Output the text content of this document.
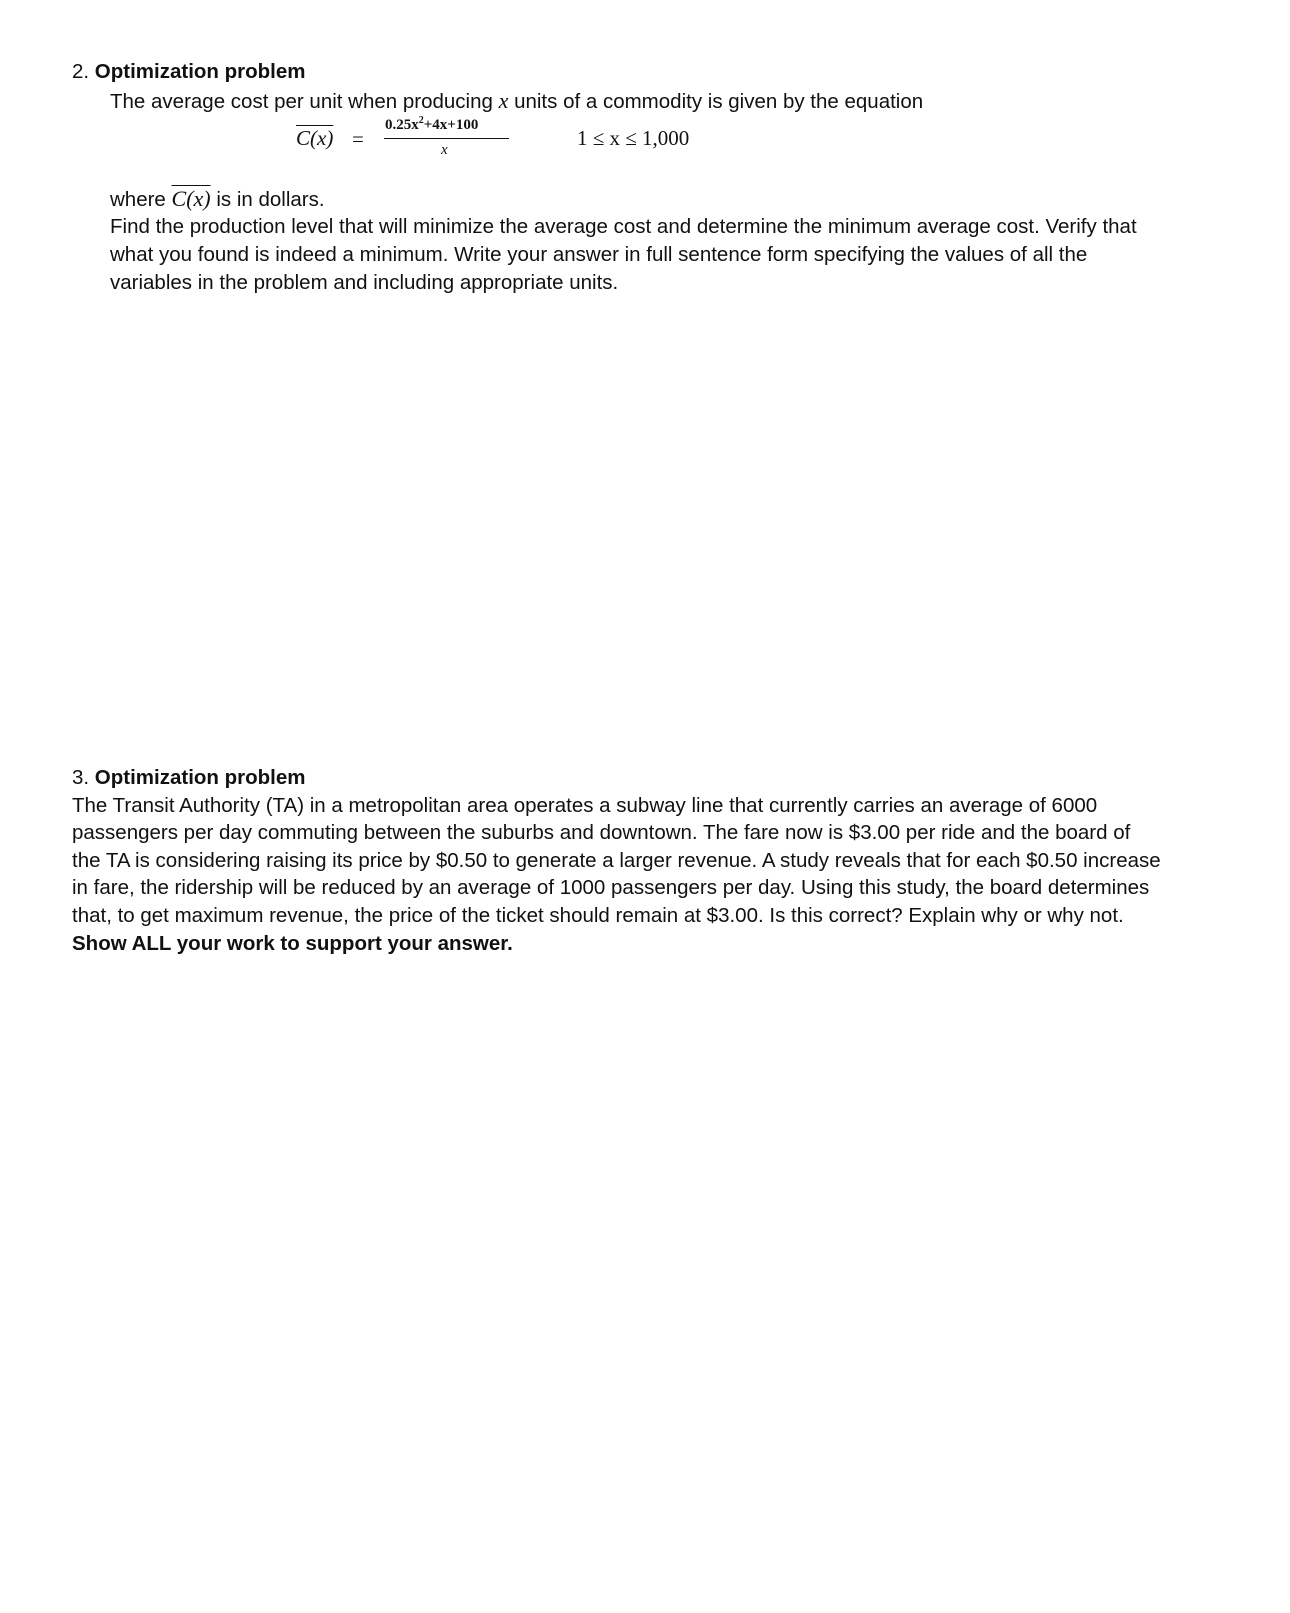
2. Optimization problem
The average cost per unit when producing x units of a commodity is given by the equation
C(x) =
$0.25x^2+4x+100$
x	1 ≤ x ≤ 1,000
where C(x) is in dollars.
Find the production level that will minimize the average cost and determine the minimum average cost. Verify that
what you found is indeed a minimum. Write your answer in full sentence form specifying the values of all the
variables in the problem and including appropriate units.
3. Optimization problem
The Transit Authority (TA) in a metropolitan area operates a subway line that currently carries an average of 6000
passengers per day commuting between the suburbs and downtown. The fare now is $3.00 per ride and the board of
the TA is considering raising its price by $0.50 to generate a larger revenue. A study reveals that for each $0.50 increase
in fare, the ridership will be reduced by an average of 1000 passengers per day. Using this study, the board determines
that, to get maximum revenue, the price of the ticket should remain at $3.00. Is this correct? Explain why or why not.
Show ALL your work to support your answer.
